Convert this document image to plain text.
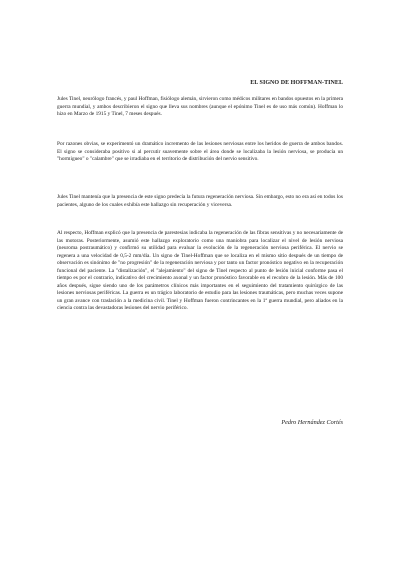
EL SIGNO DE HOFFMAN-TINEL

Jules Tinel, neurólogo francés, y paul Hoffman, fisiólogo alemán, sirvieron como médicos militares en bandos opuestos en la primera guerra mundial, y ambos describieron el signo que lleva sus nombres (aunque el epónimo Tinel es de uso más común). Hoffman lo hizo en Marzo de 1915 y Tinel, 7 meses después.

Por razones obvias, se experimentó un dramático incremento de las lesiones nerviosas entre los heridos de guerra de ambos bandos. El signo se consideraba positivo si al percutir suavemente sobre el área donde se localizaba la lesión nerviosa, se producía un "hormigueo" o "calambre" que se irradiaba en el territorio de distribución del nervio sensitivo.

Jules Tinel mantenía que la presencia de este signo predecía la futura regeneración nerviosa. Sin embargo, esto no era así en todos los pacientes, alguno de los cuales exhibía este hallazgo sin recuperación y viceversa.

Al respecto, Hoffman explicó que la presencia de parestesias indicaba la regeneración de las fibras sensitivas y no necesariamente de las motoras. Posteriormente, asumió este hallazgo exploratorio como una maniobra para localizar el nivel de lesión nerviosa (neuroma postraumático) y confirmó su utilidad para evaluar la evolución de la regeneración nerviosa periférica. El nervio se regenera a una velocidad de 0,5-2 mm/día. Un signo de Tinel-Hoffman que se localiza en el mismo sitio después de un tiempo de observación es sinónimo de "no progresión" de la regeneración nerviosa y por tanto un factor pronóstico negativo en la recuperación funcional del paciente. La "distalización", el "alejamiento" del signo de Tinel respecto al punto de lesión inicial conforme pasa el tiempo es por el contrario, indicativo del crecimiento axonal y un factor pronóstico favorable en el recobro de la lesión. Más de 100 años después, sigue siendo uno de los parámetros clínicos más importantes en el seguimiento del tratamiento quirúrgico de las lesiones nerviosas periféricas. La guerra es un trágico laboratorio de estudio para las lesiones traumáticas, pero muchas veces supone un gran avance con traslación a la medicina civil. Tinel y Hoffman fueron contrincantes en la 1ª guerra mundial, pero aliados en la ciencia contra las devastadoras lesiones del nervio periférico.

Pedro Hernández Cortés
